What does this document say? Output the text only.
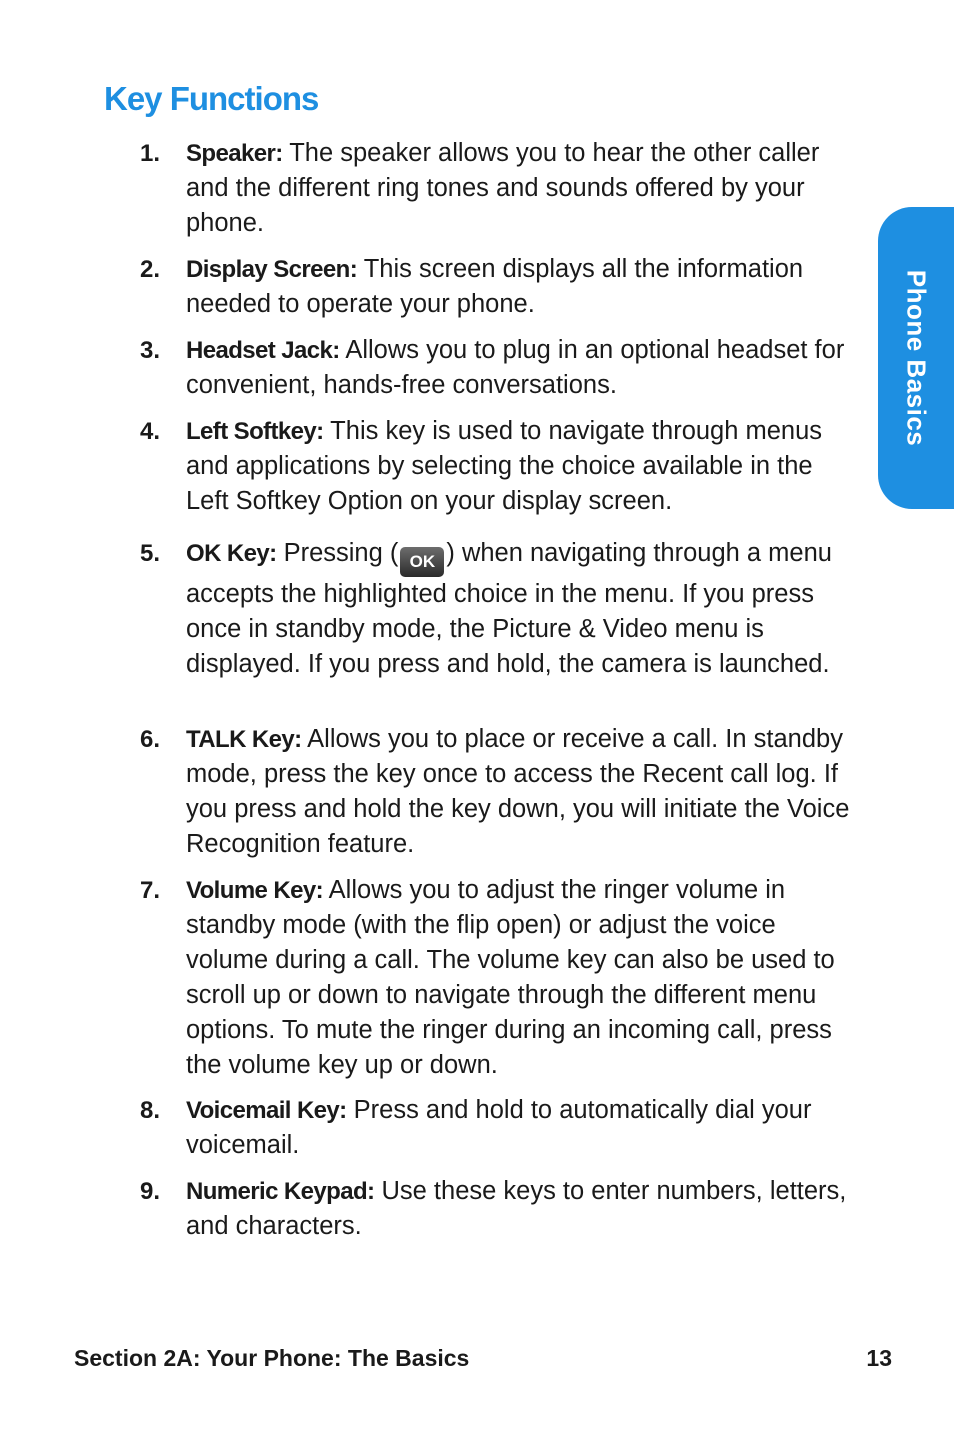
Key Functions
Phone Basics
1.	Speaker: The speaker allows you to hear the other caller and the different ring tones and sounds offered by your phone.
2.	Display Screen: This screen displays all the information needed to operate your phone.
3.	Headset Jack: Allows you to plug in an optional headset for convenient, hands-free conversations.
4.	Left Softkey: This key is used to navigate through menus and applications by selecting the choice available in the Left Softkey Option on your display screen.
5.	OK Key: Pressing ( OK ) when navigating through a menu accepts the highlighted choice in the menu. If you press once in standby mode, the Picture & Video menu is displayed. If you press and hold, the camera is launched.
6.	TALK Key: Allows you to place or receive a call. In standby mode, press the key once to access the Recent call log. If you press and hold the key down, you will initiate the Voice Recognition feature.
7.	Volume Key: Allows you to adjust the ringer volume in standby mode (with the flip open) or adjust the voice volume during a call. The volume key can also be used to scroll up or down to navigate through the different menu options. To mute the ringer during an incoming call, press the volume key up or down.
8.	Voicemail Key: Press and hold to automatically dial your voicemail.
9.	Numeric Keypad: Use these keys to enter numbers, letters, and characters.
Section 2A: Your Phone: The Basics	13
